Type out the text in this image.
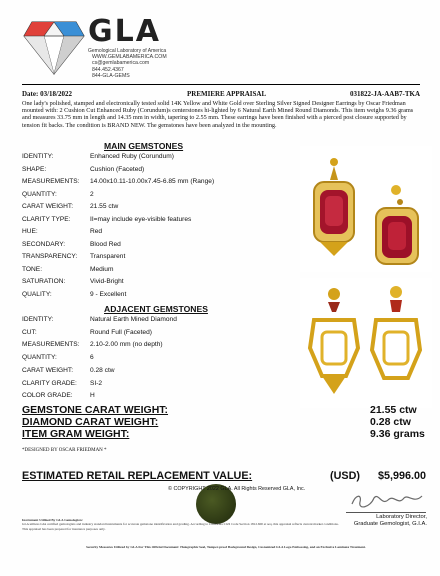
GLA
Gemological Laboratory of America
WWW.GEMLABAMERICA.COM
cs@gemlabamerica.com
844.452.4367
844-GLA-GEMS
Date: 03/18/2022	PREMIERE APPRAISAL	031822-JA-AAB7-TKA
One lady's polished, stamped and electronically tested solid 14K Yellow and White Gold over Sterling Silver Signed Designer Earrings by Oscar Friedman mounted with: 2 Cushion Cut Enhanced Ruby (Corundum)s centerstones hi-lighted by 6 Natural Earth Mined Round Diamonds. This item weighs 9.36 grams and measures 33.75 mm in length and 14.35 mm in width, tapering to 2.55 mm. These earrings have been finished with a pierced post closure supported by tension fit backs. The condition is BRAND NEW. The gemstones have been analyzed in the mounting.
MAIN GEMSTONES
IDENTITY:	Enhanced Ruby (Corundum)
SHAPE:	Cushion (Faceted)
MEASUREMENTS: 14.00x10.11-10.00x7.45-6.85 mm (Range)
QUANTITY:	2
CARAT WEIGHT:	21.55 ctw
CLARITY TYPE:	II=may include eye-visible features
HUE:	Red
SECONDARY:	Blood Red
TRANSPARENCY: Transparent
TONE:	Medium
SATURATION:	Vivid-Bright
QUALITY:	9 - Excellent
ADJACENT GEMSTONES
IDENTITY:	Natural Earth Mined Diamond
CUT:	Round Full (Faceted)
MEASUREMENTS: 2.10-2.00 mm (no depth)
QUANTITY:	6
CARAT WEIGHT:	0.28 ctw
CLARITY GRADE: SI-2
COLOR GRADE:	H
GEMSTONE CARAT WEIGHT:	21.55 ctw
DIAMOND CARAT WEIGHT:	0.28 ctw
ITEM GRAM WEIGHT:	9.36 grams
*DESIGNED BY OSCAR FRIEDMAN *
ESTIMATED RETAIL REPLACEMENT VALUE:	(USD) $5,996.00
© COPYRIGHT 2022 GLA. All Rights Reserved GLA, Inc.
Laboratory Director,
Graduate Gemologist, G.I.A.
Instrument Utilized By GLA Gemologists:
GLA utilizes GIA certified gemologists and industry standard instruments for accurate gemstone identification and grading. According to California Civil Code Section 1812.600 et seq. this appraisal reflects current market conditions. This appraisal has been prepared for insurance purposes only.
Security Measures Utilized by GLA For This Official Document: Holographic Seal, Tamper-proof Background Design, Customized GLA Logo Embossing, and an Exclusive Laminate Treatment.
